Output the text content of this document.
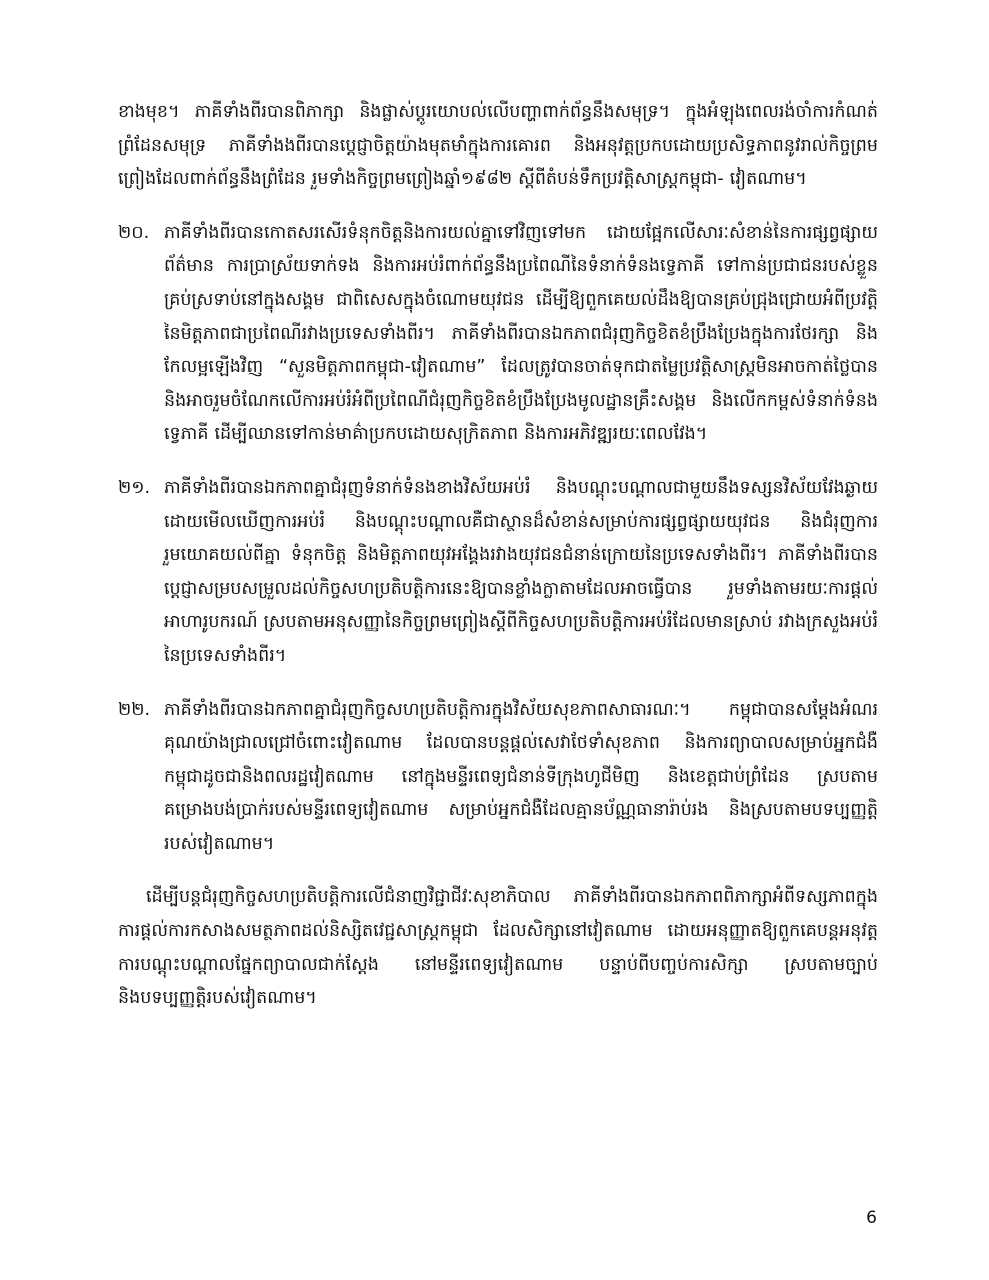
ខាងមុខ។ ភាគីទាំងពីរបានពិភាក្សា និងផ្លាស់ប្ដូរយោបល់លើបញ្ហាពាក់ព័ន្ធនឹងសមុទ្រ។ ក្នុងអំឡុងពេលរង់ចាំការកំណត់ព្រំដែនសមុទ្រ ភាគីទាំងងពីរបានប្ដេជ្ញាចិត្តយ៉ាងមុតមាំក្នុងការគោរព និងអនុវត្តប្រកបដោយប្រសិទ្ធភាពនូវរាល់កិច្ចព្រមព្រៀងដែលពាក់ព័ន្ធនឹងព្រំដែន រួមទាំងកិច្ចព្រមព្រៀងឆ្នាំ១៩៨២ ស្ដីពីតំបន់ទឹកប្រវត្តិសាស្ត្រកម្ពុជា- វៀតណាម។
២០. ភាគីទាំងពីរបានកោតសរសើរទំនុកចិត្តនិងការយល់គ្នាទៅវិញទៅមក ដោយផ្អែកលើសារៈសំខាន់នៃការផ្សព្វផ្សាយព័ត៌មាន ការប្រាស្រ័យទាក់ទង និងការអប់រំពាក់ព័ន្ធនឹងប្រពៃណីនៃទំនាក់ទំនងទ្វេភាគី ទៅកាន់ប្រជាជនរបស់ខ្លួនគ្រប់ស្រទាប់នៅក្នុងសង្គម ជាពិសេសក្នុងចំណោមយុវជន ដើម្បីឱ្យពួកគេយល់ដឹងឱ្យបានគ្រប់ជ្រុងជ្រោយអំពីប្រវត្តិនៃមិត្តភាពជាប្រពៃណីរវាងប្រទេសទាំងពីរ។ ភាគីទាំងពីរបានឯកភាពជំរុញកិច្ចខិតខំប្រឹងប្រែងក្នុងការថែរក្សា និងកែលម្អឡើងវិញ “សួនមិត្តភាពកម្ពុជា-វៀតណាម” ដែលត្រូវបានចាត់ទុកជាតម្លៃប្រវត្តិសាស្ត្រមិនអាចកាត់ថ្លៃបាននិងអាចរួមចំណែកលើការអប់រំអំពីប្រពៃណីជំរុញកិច្ចខិតខំប្រឹងប្រែងមូលដ្ឋានគ្រឹះសង្គម និងលើកកម្ពស់ទំនាក់ទំនងទ្វេភាគី ដើម្បីឈានទៅកាន់មាគ៌ាប្រកបដោយសុក្រិតភាព និងការអភិវឌ្ឍរយៈពេលវែង។
២១. ភាគីទាំងពីរបានឯកភាពគ្នាជំរុញទំនាក់ទំនងខាងវិស័យអប់រំ និងបណ្ដុះបណ្ដាលជាមួយនឹងទស្សនវិស័យវែងឆ្ងាយ ដោយមើលឃើញការអប់រំ និងបណ្ដុះបណ្ដាលគឺជាស្ថានដ៏សំខាន់សម្រាប់ការផ្សព្វផ្សាយយុវជន និងជំរុញការរួមយោគយល់ពីគ្នា ទំនុកចិត្ត និងមិត្តភាពយុវអង្គែងរវាងយុវជនជំនាន់ក្រោយនៃប្រទេសទាំងពីរ។ ភាគីទាំងពីរបានប្ដេជ្ញាសម្របសម្រួលដល់កិច្ចសហប្រតិបត្តិការនេះឱ្យបានខ្លាំងក្លាតាមដែលអាចធ្វើបាន រួមទាំងតាមរយៈការផ្ដល់អាហារូបករណ៍ ស្របតាមអនុសញ្ញានៃកិច្ចព្រមព្រៀងស្ដីពីកិច្ចសហប្រតិបត្តិការអប់រំដែលមានស្រាប់ រវាងក្រសួងអប់រំ នៃប្រទេសទាំងពីរ។
២២. ភាគីទាំងពីរបានឯកភាពគ្នាជំរុញកិច្ចសហប្រតិបត្តិការក្នុងវិស័យសុខភាពសាធារណៈ។ កម្ពុជាបានសម្ដែងអំណរគុណយ៉ាងជ្រាលជ្រៅចំពោះវៀតណាម ដែលបានបន្តផ្ដល់សេវាថែទាំសុខភាព និងការព្យាបាលសម្រាប់អ្នកជំងឺកម្ពុជាដូចជានិងពលរដ្ឋវៀតណាម នៅក្នុងមន្ទីរពេទ្យជំនាន់ទីក្រុងហូជីមិញ និងខេត្តជាប់ព្រំដែន ស្របតាមគម្រោងបង់ប្រាក់របស់មន្ទីរពេទ្យវៀតណាម សម្រាប់អ្នកជំងឺដែលគ្មានប័ណ្ណធានារ៉ាប់រង និងស្របតាមបទប្បញ្ញត្តិរបស់វៀតណាម។
ដើម្បីបន្តជំរុញកិច្ចសហប្រតិបត្តិការលើជំនាញវិជ្ជាជីវៈសុខាភិបាល ភាគីទាំងពីរបានឯកភាពពិភាក្សាអំពីទស្សភាពក្នុងការផ្ដល់ការកសាងសមត្ថភាពដល់និស្សិតវេជ្ជសាស្ត្រកម្ពុជា ដែលសិក្សានៅវៀតណាម ដោយអនុញ្ញាតឱ្យពួកគេបន្តអនុវត្តការបណ្ដុះបណ្ដាលផ្នែកព្យាបាលជាក់ស្ដែង នៅមន្ទីរពេទ្យវៀតណាម បន្ទាប់ពីបញ្ចប់ការសិក្សា ស្របតាមច្បាប់ និងបទប្បញ្ញត្តិរបស់វៀតណាម។
6
